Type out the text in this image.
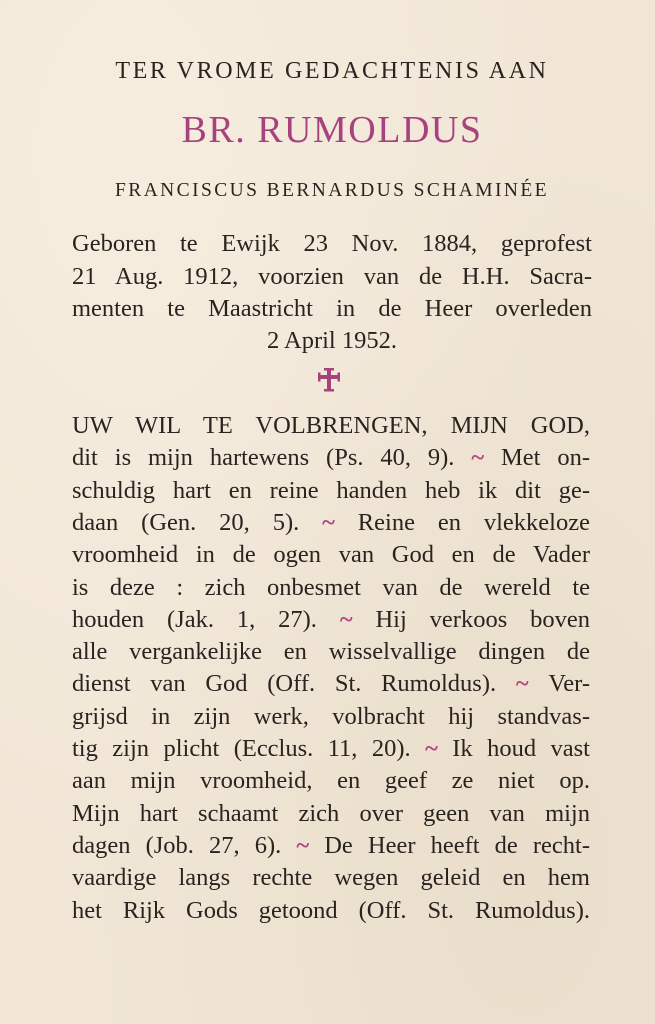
TER VROME GEDACHTENIS AAN
BR. RUMOLDUS
FRANCISCUS BERNARDUS SCHAMINÉE
Geboren te Ewijk 23 Nov. 1884, geprofest
21 Aug. 1912, voorzien van de H.H. Sacra-
menten te Maastricht in de Heer overleden
2 April 1952.
UW WIL TE VOLBRENGEN, MIJN GOD,
dit is mijn hartewens (Ps. 40, 9). ~ Met on-
schuldig hart en reine handen heb ik dit ge-
daan (Gen. 20, 5). ~ Reine en vlekkeloze
vroomheid in de ogen van God en de Vader
is deze : zich onbesmet van de wereld te
houden (Jak. 1, 27). ~ Hij verkoos boven
alle vergankelijke en wisselvallige dingen de
dienst van God (Off. St. Rumoldus). ~ Ver-
grijsd in zijn werk, volbracht hij standvas-
tig zijn plicht (Ecclus. 11, 20). ~ Ik houd vast
aan mijn vroomheid, en geef ze niet op.
Mijn hart schaamt zich over geen van mijn
dagen (Job. 27, 6). ~ De Heer heeft de recht-
vaardige langs rechte wegen geleid en hem
het Rijk Gods getoond (Off. St. Rumoldus).
